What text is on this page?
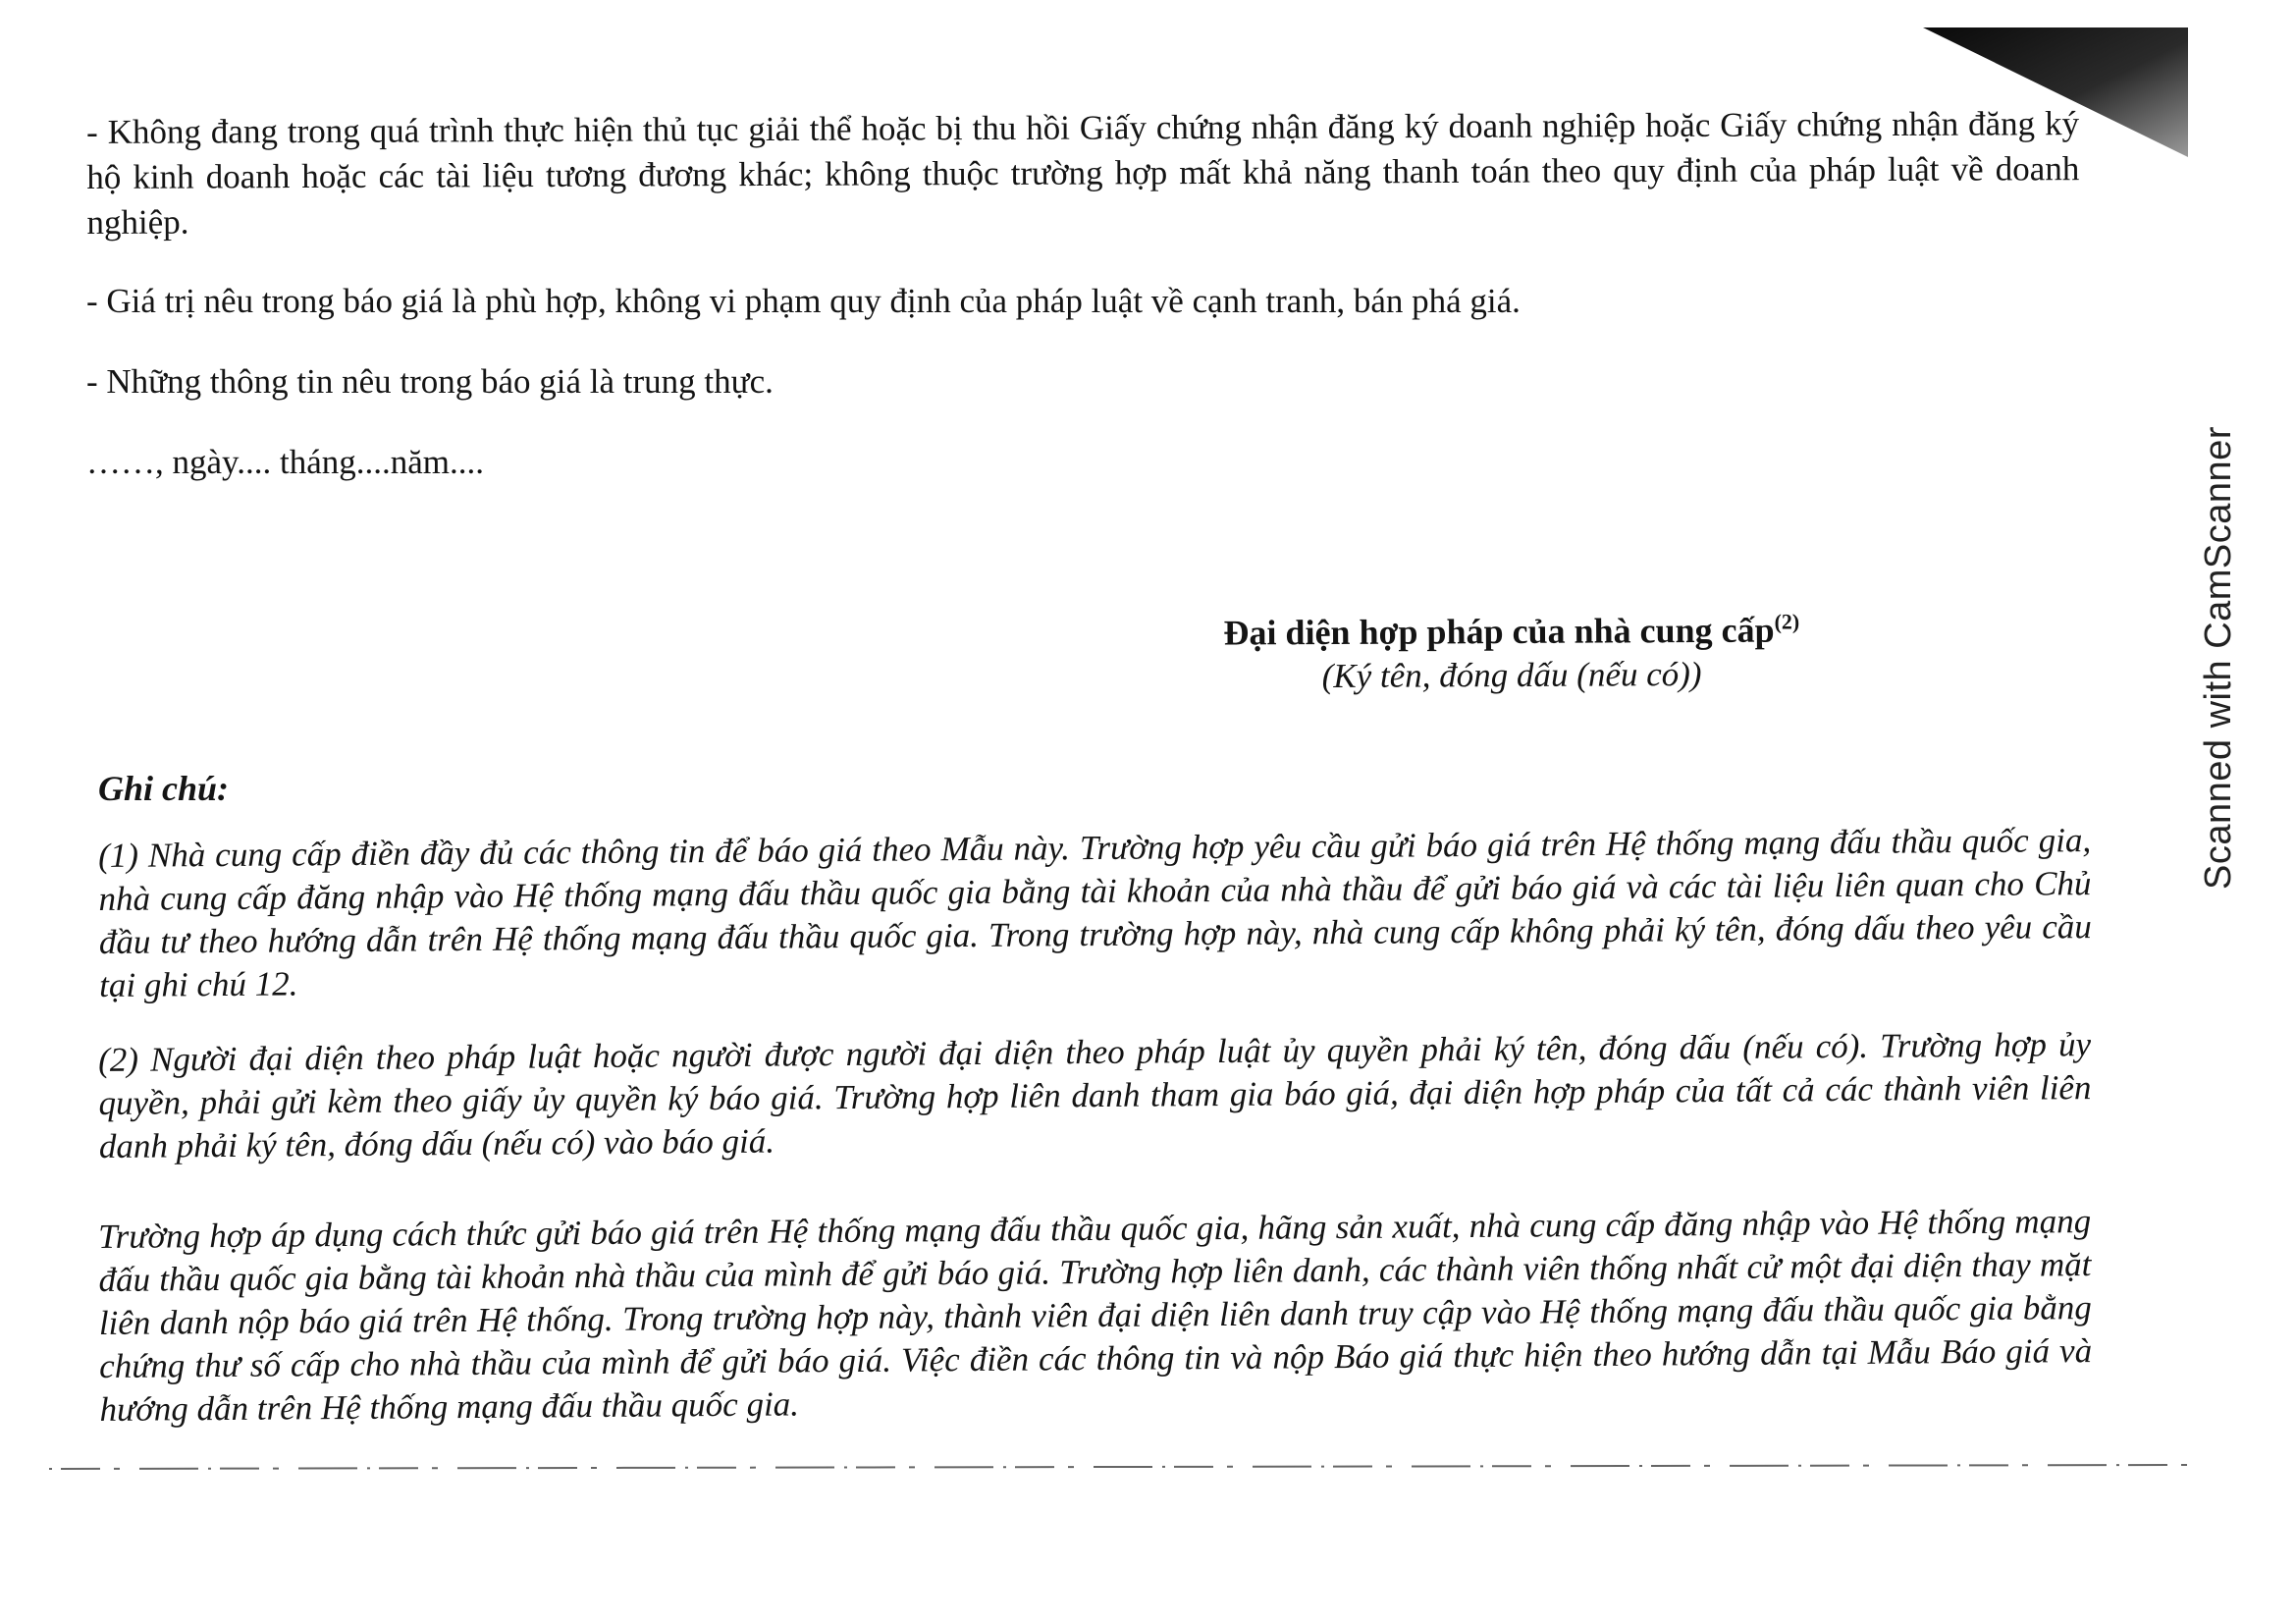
Scanned with CamScanner

- Không đang trong quá trình thực hiện thủ tục giải thể hoặc bị thu hồi Giấy chứng nhận đăng ký doanh nghiệp hoặc Giấy chứng nhận đăng ký hộ kinh doanh hoặc các tài liệu tương đương khác; không thuộc trường hợp mất khả năng thanh toán theo quy định của pháp luật về doanh nghiệp.

- Giá trị nêu trong báo giá là phù hợp, không vi phạm quy định của pháp luật về cạnh tranh, bán phá giá.

- Những thông tin nêu trong báo giá là trung thực.

……, ngày.... tháng....năm....

Đại diện hợp pháp của nhà cung cấp$^{(2)}$
(Ký tên, đóng dấu (nếu có))

Ghi chú:

(1) Nhà cung cấp điền đầy đủ các thông tin để báo giá theo Mẫu này. Trường hợp yêu cầu gửi báo giá trên Hệ thống mạng đấu thầu quốc gia, nhà cung cấp đăng nhập vào Hệ thống mạng đấu thầu quốc gia bằng tài khoản của nhà thầu để gửi báo giá và các tài liệu liên quan cho Chủ đầu tư theo hướng dẫn trên Hệ thống mạng đấu thầu quốc gia. Trong trường hợp này, nhà cung cấp không phải ký tên, đóng dấu theo yêu cầu tại ghi chú 12.

(2) Người đại diện theo pháp luật hoặc người được người đại diện theo pháp luật ủy quyền phải ký tên, đóng dấu (nếu có). Trường hợp ủy quyền, phải gửi kèm theo giấy ủy quyền ký báo giá. Trường hợp liên danh tham gia báo giá, đại diện hợp pháp của tất cả các thành viên liên danh phải ký tên, đóng dấu (nếu có) vào báo giá.

Trường hợp áp dụng cách thức gửi báo giá trên Hệ thống mạng đấu thầu quốc gia, hãng sản xuất, nhà cung cấp đăng nhập vào Hệ thống mạng đấu thầu quốc gia bằng tài khoản nhà thầu của mình để gửi báo giá. Trường hợp liên danh, các thành viên thống nhất cử một đại diện thay mặt liên danh nộp báo giá trên Hệ thống. Trong trường hợp này, thành viên đại diện liên danh truy cập vào Hệ thống mạng đấu thầu quốc gia bằng chứng thư số cấp cho nhà thầu của mình để gửi báo giá. Việc điền các thông tin và nộp Báo giá thực hiện theo hướng dẫn tại Mẫu Báo giá và hướng dẫn trên Hệ thống mạng đấu thầu quốc gia.
